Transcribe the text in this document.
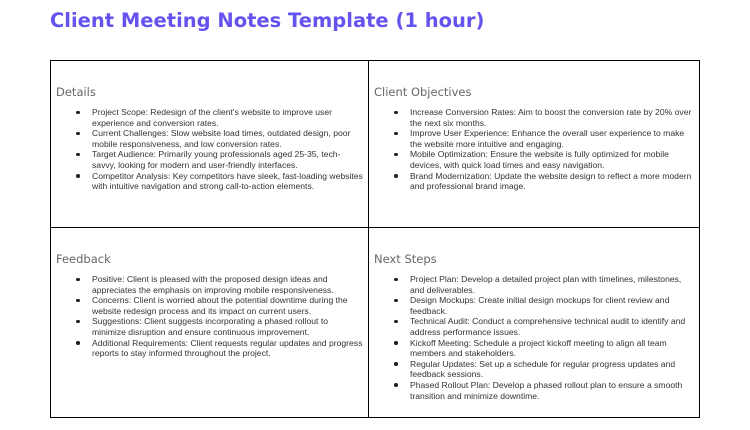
Client Meeting Notes Template (1 hour)
Details
Project Scope: Redesign of the client's website to improve user experience and conversion rates.
Current Challenges: Slow website load times, outdated design, poor mobile responsiveness, and low conversion rates.
Target Audience: Primarily young professionals aged 25-35, tech-savvy, looking for modern and user-friendly interfaces.
Competitor Analysis: Key competitors have sleek, fast-loading websites with intuitive navigation and strong call-to-action elements.

Client Objectives
Increase Conversion Rates: Aim to boost the conversion rate by 20% over the next six months.
Improve User Experience: Enhance the overall user experience to make the website more intuitive and engaging.
Mobile Optimization: Ensure the website is fully optimized for mobile devices, with quick load times and easy navigation.
Brand Modernization: Update the website design to reflect a more modern and professional brand image.

Feedback
Positive: Client is pleased with the proposed design ideas and appreciates the emphasis on improving mobile responsiveness.
Concerns: Client is worried about the potential downtime during the website redesign process and its impact on current users.
Suggestions: Client suggests incorporating a phased rollout to minimize disruption and ensure continuous improvement.
Additional Requirements: Client requests regular updates and progress reports to stay informed throughout the project.

Next Steps
Project Plan: Develop a detailed project plan with timelines, milestones, and deliverables.
Design Mockups: Create initial design mockups for client review and feedback.
Technical Audit: Conduct a comprehensive technical audit to identify and address performance issues.
Kickoff Meeting: Schedule a project kickoff meeting to align all team members and stakeholders.
Regular Updates: Set up a schedule for regular progress updates and feedback sessions.
Phased Rollout Plan: Develop a phased rollout plan to ensure a smooth transition and minimize downtime.
